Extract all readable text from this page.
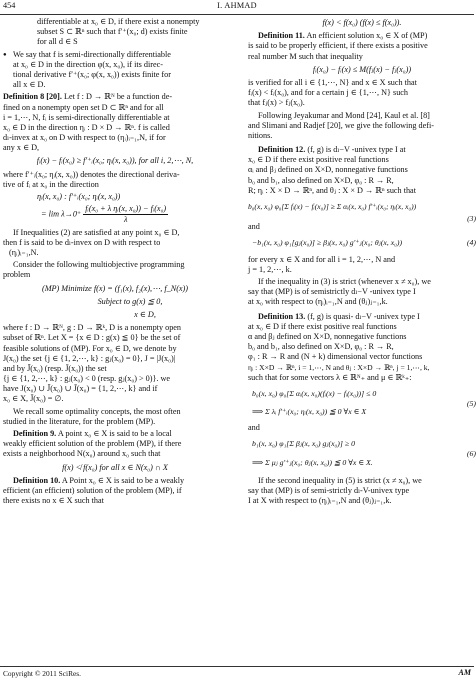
454	I. AHMAD
differentiable at x₀ ∈ D, if there exist a nonempty
subset S ⊂ ℝⁿ such that f′⁺(x₀; d) exists finite
for all d ∈ S
● We say that f is semi-directionally differentiable
at x₀ ∈ D in the direction φ(x, x₀), if its direc-
tional derivative f′⁺(x₀; φ(x, x₀)) exists finite for
all x ∈ D.
Definition 8 [20]. Let f : D → ℝᴺ be a function de-
fined on a nonempty open set D ⊂ ℝⁿ and for all
i = 1,⋯, N, fᵢ is semi-directionally differentiable at
x₀ ∈ D in the direction ηᵢ : D × D → ℝⁿ. f is called
dₗ-invex at x₀ on D with respect to (ηᵢ)ᵢ₌₁,N, if for
any x ∈ D,
fᵢ(x) − fᵢ(x₀) ≥ f′⁺ᵢ(x₀; ηᵢ(x, x₀)), for all i, 2,⋯, N,
where f′⁺ᵢ(x₀; ηᵢ(x, x₀)) denotes the directional deriva-
tive of fᵢ at x₀ in the direction
ηᵢ(x, x₀) : f′⁺ᵢ(x₀; ηᵢ(x, x₀))
= $\lim \lambda\to 0^+ \frac{\text{fᵢ(x₀ + λ ηᵢ(x, x₀)) − fᵢ(x₀)}}{\lambda}$
If Inequalities (2) are satisfied at any point x₀ ∈ D,
then f is said to be dₗ-invex on D with respect to
(ηᵢ)ᵢ₌₁,N.
Consider the following multiobjective programming
problem
(MP) Minimize f(x) = (f₁(x), f₂(x),⋯, f_N(x))
Subject to g(x) ≦ 0,
x ∈ D,
where f : D → ℝᴺ, g : D → ℝᵏ, D is a nonempty open
subset of ℝⁿ. Let X = {x ∈ D : g(x) ≦ 0} be the set of
feasible solutions of (MP). For x₀ ∈ D, we denote by
J(x₀) the set {j ∈ {1, 2,⋯, k} : gⱼ(x₀) = 0}, J = |J(x₀)|
and by J̃(x₀) (resp. J̄(x₀)) the set
{j ∈ {1, 2,⋯, k} : gⱼ(x₀) < 0 (resp. gⱼ(x₀) > 0)}. we
have J(x₀) ∪ J̃(x₀) ∪ J̄(x₀) = {1, 2,⋯, k} and if
x₀ ∈ X, J̄(x₀) = ∅.
We recall some optimality concepts, the most often
studied in the literature, for the problem (MP).
Definition 9. A point x₀ ∈ X is said to be a local
weakly efficient solution of the problem (MP), if there
exists a neighborhood N(x₀) around x₀ such that
f(x) ≮ f(x₀) for all x ∈ N(x₀) ∩ X
Definition 10. A Point x₀ ∈ X is said to be a weakly
efficient (an efficient) solution of the problem (MP), if
there exists no x ∈ X such that
f(x) < f(x₀) (f(x) ≤ f(x₀)).
Definition 11. An efficient solution x₀ ∈ X of (MP)
is said to be properly efficient, if there exists a positive
real number M such that inequality
fᵢ(x₀) − fᵢ(x) ≤ M(fⱼ(x) − fⱼ(x₀))
is verified for all i ∈ {1,⋯, N} and x ∈ X such that
fᵢ(x) < fᵢ(x₀), and for a certain j ∈ {1,⋯, N} such
that fⱼ(x) > fⱼ(x₀).
Following Jeyakumar and Mond [24], Kaul et al. [8]
and Slimani and Radjef [20], we give the following defi-
nitions.
Definition 12. (f, g) is dₗ−V -univex type I at
x₀ ∈ D if there exist positive real functions
αᵢ and βⱼ defined on X×D, nonnegative functions
b₀ and b₁, also defined on X×D, φ₀ : R → R,
R; ηᵢ : X × D → ℝⁿ, and θⱼ : X × D → ℝⁿ such that
b₀(x, x₀) φ₀[Σ fᵢ(x) − fᵢ(x₀)] ≥ Σ αᵢ(x, x₀) f′⁺ᵢ(x₀; ηᵢ(x, x₀))
(3)
and
−b₁(x, x₀) φ₁[gⱼ(x₀)] ≥ βⱼ(x, x₀) g′⁺ⱼ(x₀; θⱼ(x, x₀))	(4)
for every x ∈ X and for all i = 1, 2,⋯, N and
j = 1, 2,⋯, k.
If the inequality in (3) is strict (whenever x ≠ x₀), we
say that (MP) is of semistrictly dₗ−V -univex type I
at x₀ with respect to (ηᵢ)ᵢ₌₁,N and (θⱼ)ⱼ₌₁,k.
Definition 13. (f, g) is quasi- dₗ−V -univex type I
at x₀ ∈ D if there exist positive real functions
α and βⱼ defined on X×D, nonnegative functions
b₀ and b₁, also defined on X×D, φ₀ : R → R,
φ₁ : R → R and (N + k) dimensional vector functions
ηᵢ : X×D → ℝⁿ, i = 1,⋯, N and θⱼ : X×D → ℝⁿ, j = 1,⋯, k,
such that for some vectors λ ∈ ℝᴺ₊ and μ ∈ ℝᵏ₊:
b₀(x, x₀) φ₀[Σ αᵢ(x, x₀)(fᵢ(x) − fᵢ(x₀))] ≤ 0
⟹ Σ λᵢ f′⁺ᵢ(x₀; ηᵢ(x, x₀)) ≦ 0 ∀x ∈ X
(5)
and
b₁(x, x₀) φ₁[Σ βⱼ(x, x₀) gⱼ(x₀)] ≥ 0
⟹ Σ μⱼ g′⁺ⱼ(x₀; θⱼ(x, x₀)) ≦ 0 ∀x ∈ X.
(6)
If the second inequality in (5) is strict (x ≠ x₀), we
say that (MP) is of semi-strictly dₗ-V-univex type
I at X with respect to (ηᵢ)ᵢ₌₁,N and (θⱼ)ⱼ₌₁,k.
Copyright © 2011 SciRes.	AM
